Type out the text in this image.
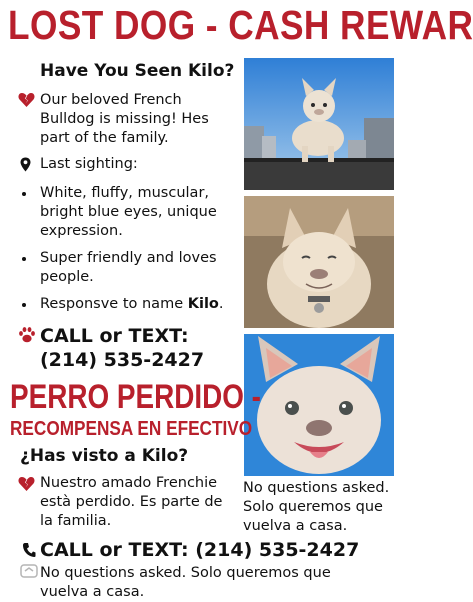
LOST DOG - CASH REWAR
Have You Seen Kilo?
Our beloved French Bulldog is missing! Hes part of the family.
Last sighting:
White, fluffy, muscular, bright blue eyes, unique expression.
Super friendly and loves people.
Responsve to name Kilo.
CALL or TEXT:
(214) 535-2427
PERRO PERDIDO -
RECOMPENSA EN EFECTIVO
¿Has visto a Kilo?
Nuestro amado Frenchie està perdido. Es parte de la familia.
No questions asked. Solo queremos que vuelva a casa.
CALL or TEXT: (214) 535-2427
No questions asked. Solo queremos que vuelva a casa.
